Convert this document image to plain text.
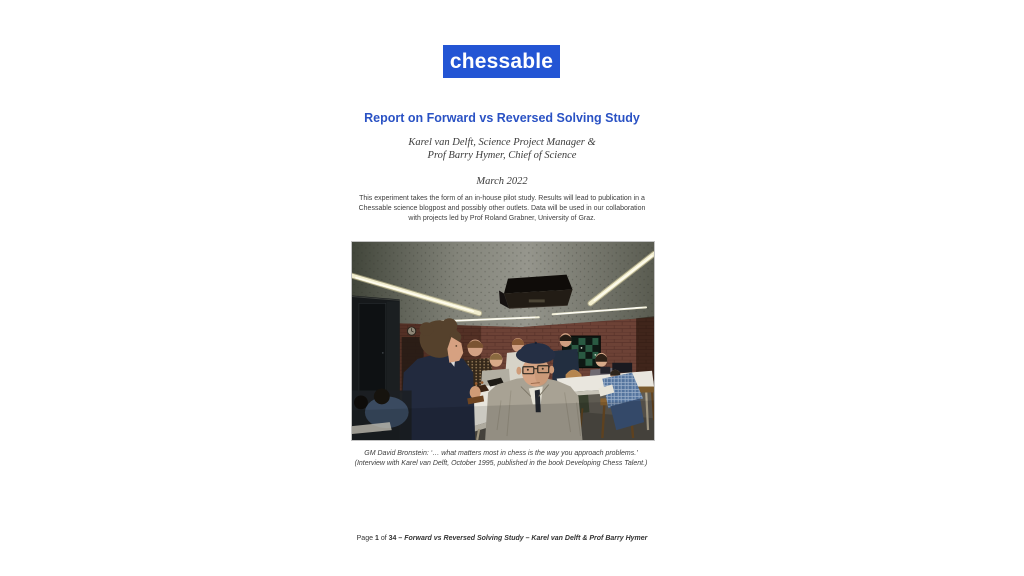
chessable
Report on Forward vs Reversed Solving Study
Karel van Delft, Science Project Manager &
Prof Barry Hymer, Chief of Science
March 2022
This experiment takes the form of an in-house pilot study. Results will lead to publication in a
Chessable science blogpost and possibly other outlets. Data will be used in our collaboration
with projects led by Prof Roland Grabner, University of Graz.
GM David Bronstein: ‘… what matters most in chess is the way you approach problems.’
(Interview with Karel van Delft, October 1995, published in the book Developing Chess Talent.)
Page 1 of 34 – Forward vs Reversed Solving Study – Karel van Delft & Prof Barry Hymer
